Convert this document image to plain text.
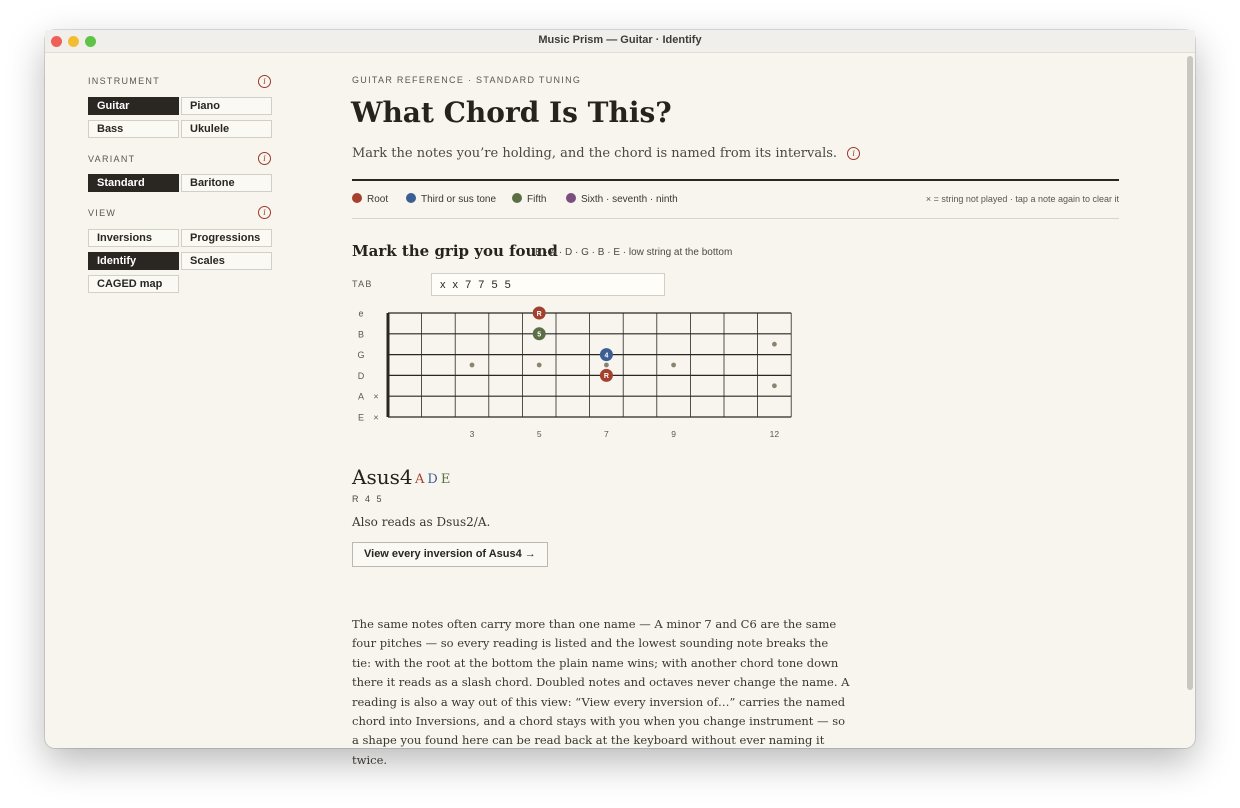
Music Prism — Guitar · Identify
INSTRUMENT	i
Guitar	Piano
Bass	Ukulele
VARIANT	i
Standard	Baritone
VIEW	i
Inversions	Progressions
Identify	Scales
CAGED map
GUITAR REFERENCE · STANDARD TUNING
What Chord Is This?
Mark the notes you’re holding, and the chord is named from its intervals. i
Root	Third or sus tone	Fifth	Sixth · seventh · ninth	× = string not played · tap a note again to clear it
Mark the grip you found
E · A · D · G · B · E · low string at the bottom
TAB
x x 7 7 5 5
e
B
G
D
A ×
E ×
3	5	7	9	12
R
5
4
R
Asus4 ADE
R 4 5
Also reads as Dsus2/A.
View every inversion of Asus4 →
The same notes often carry more than one name — A minor 7 and C6 are the same four pitches — so every reading is listed and the lowest sounding note breaks the tie: with the root at the bottom the plain name wins; with another chord tone down there it reads as a slash chord. Doubled notes and octaves never change the name. A reading is also a way out of this view: “View every inversion of…” carries the named chord into Inversions, and a chord stays with you when you change instrument — so a shape you found here can be read back at the keyboard without ever naming it twice.
